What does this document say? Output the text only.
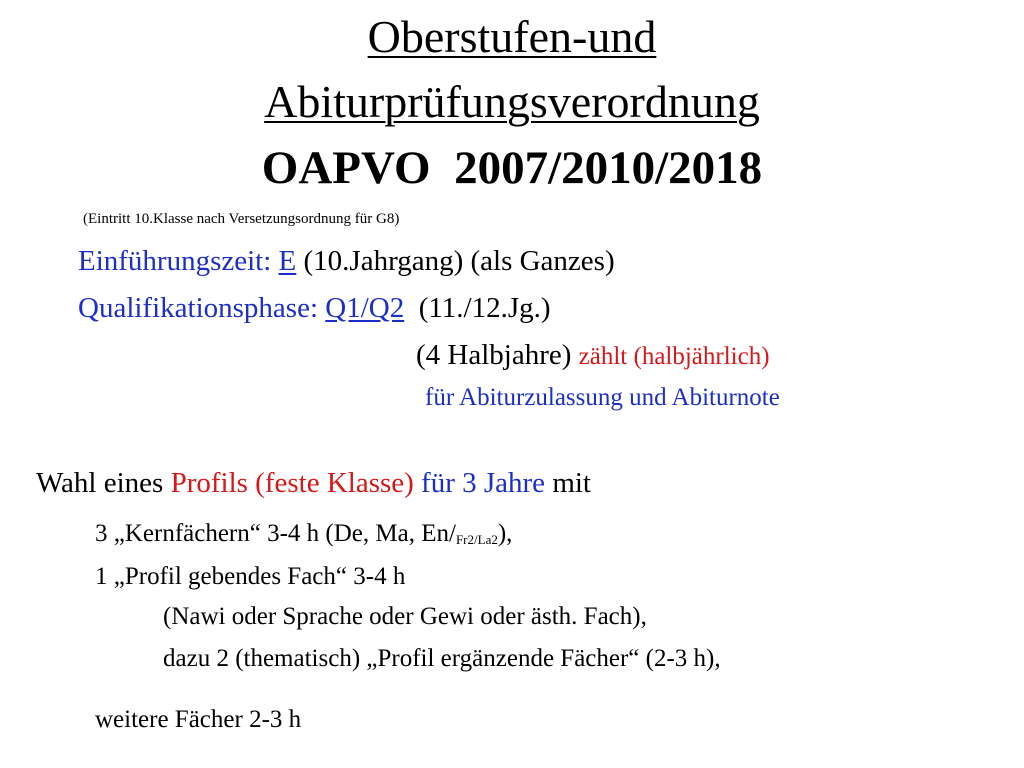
Oberstufen-und
Abiturprüfungsverordnung
OAPVO  2007/2010/2018
(Eintritt 10.Klasse nach Versetzungsordnung für G8)
Einführungszeit: E (10.Jahrgang) (als Ganzes)
Qualifikationsphase: Q1/Q2  (11./12.Jg.)
(4 Halbjahre) zählt (halbjährlich)
für Abiturzulassung und Abiturnote
Wahl eines Profils (feste Klasse) für 3 Jahre mit
3 „Kernfächern“ 3-4 h (De, Ma, $En/_{Fr2/La2}$),
1 „Profil gebendes Fach“ 3-4 h
(Nawi oder Sprache oder Gewi oder ästh. Fach),
dazu 2 (thematisch) „Profil ergänzende Fächer“ (2-3 h),
weitere Fächer 2-3 h
